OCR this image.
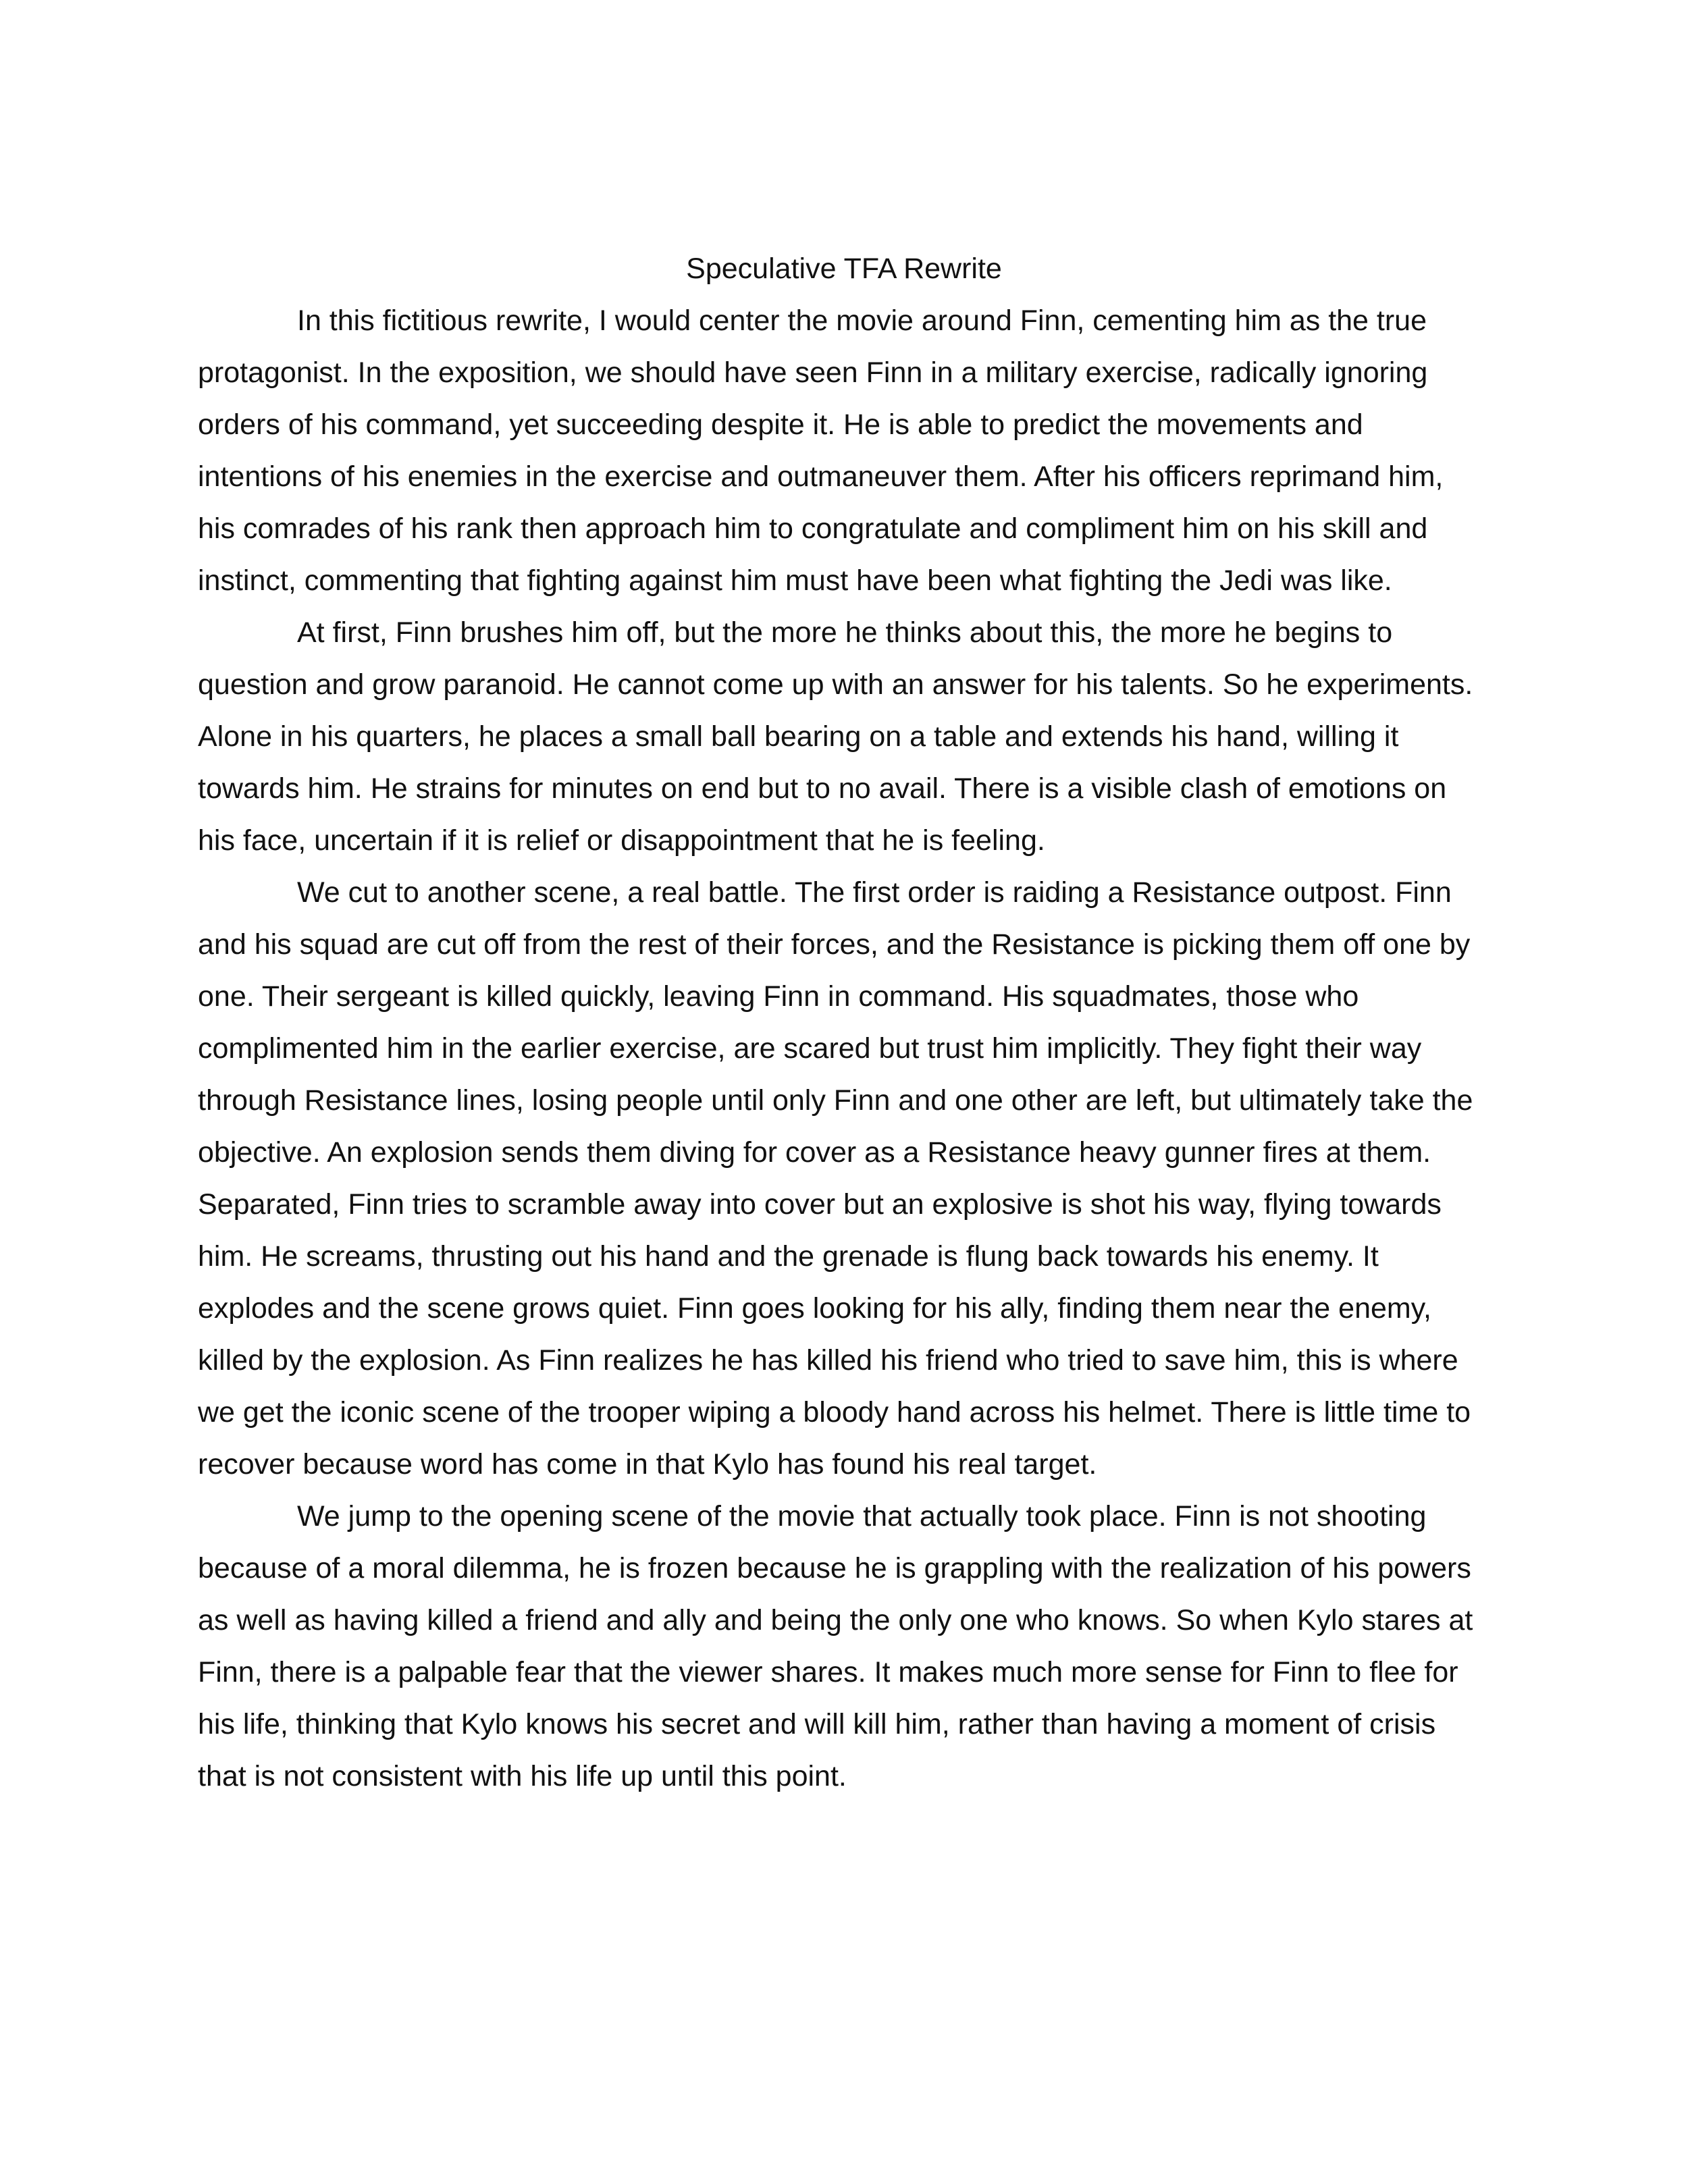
Speculative TFA Rewrite

In this fictitious rewrite, I would center the movie around Finn, cementing him as the true protagonist. In the exposition, we should have seen Finn in a military exercise, radically ignoring orders of his command, yet succeeding despite it. He is able to predict the movements and intentions of his enemies in the exercise and outmaneuver them. After his officers reprimand him, his comrades of his rank then approach him to congratulate and compliment him on his skill and instinct, commenting that fighting against him must have been what fighting the Jedi was like.

At first, Finn brushes him off, but the more he thinks about this, the more he begins to question and grow paranoid. He cannot come up with an answer for his talents. So he experiments. Alone in his quarters, he places a small ball bearing on a table and extends his hand, willing it towards him. He strains for minutes on end but to no avail. There is a visible clash of emotions on his face, uncertain if it is relief or disappointment that he is feeling.

We cut to another scene, a real battle. The first order is raiding a Resistance outpost. Finn and his squad are cut off from the rest of their forces, and the Resistance is picking them off one by one. Their sergeant is killed quickly, leaving Finn in command. His squadmates, those who complimented him in the earlier exercise, are scared but trust him implicitly. They fight their way through Resistance lines, losing people until only Finn and one other are left, but ultimately take the objective. An explosion sends them diving for cover as a Resistance heavy gunner fires at them. Separated, Finn tries to scramble away into cover but an explosive is shot his way, flying towards him. He screams, thrusting out his hand and the grenade is flung back towards his enemy. It explodes and the scene grows quiet. Finn goes looking for his ally, finding them near the enemy, killed by the explosion. As Finn realizes he has killed his friend who tried to save him, this is where we get the iconic scene of the trooper wiping a bloody hand across his helmet. There is little time to recover because word has come in that Kylo has found his real target.

We jump to the opening scene of the movie that actually took place. Finn is not shooting because of a moral dilemma, he is frozen because he is grappling with the realization of his powers as well as having killed a friend and ally and being the only one who knows. So when Kylo stares at Finn, there is a palpable fear that the viewer shares. It makes much more sense for Finn to flee for his life, thinking that Kylo knows his secret and will kill him, rather than having a moment of crisis that is not consistent with his life up until this point.
